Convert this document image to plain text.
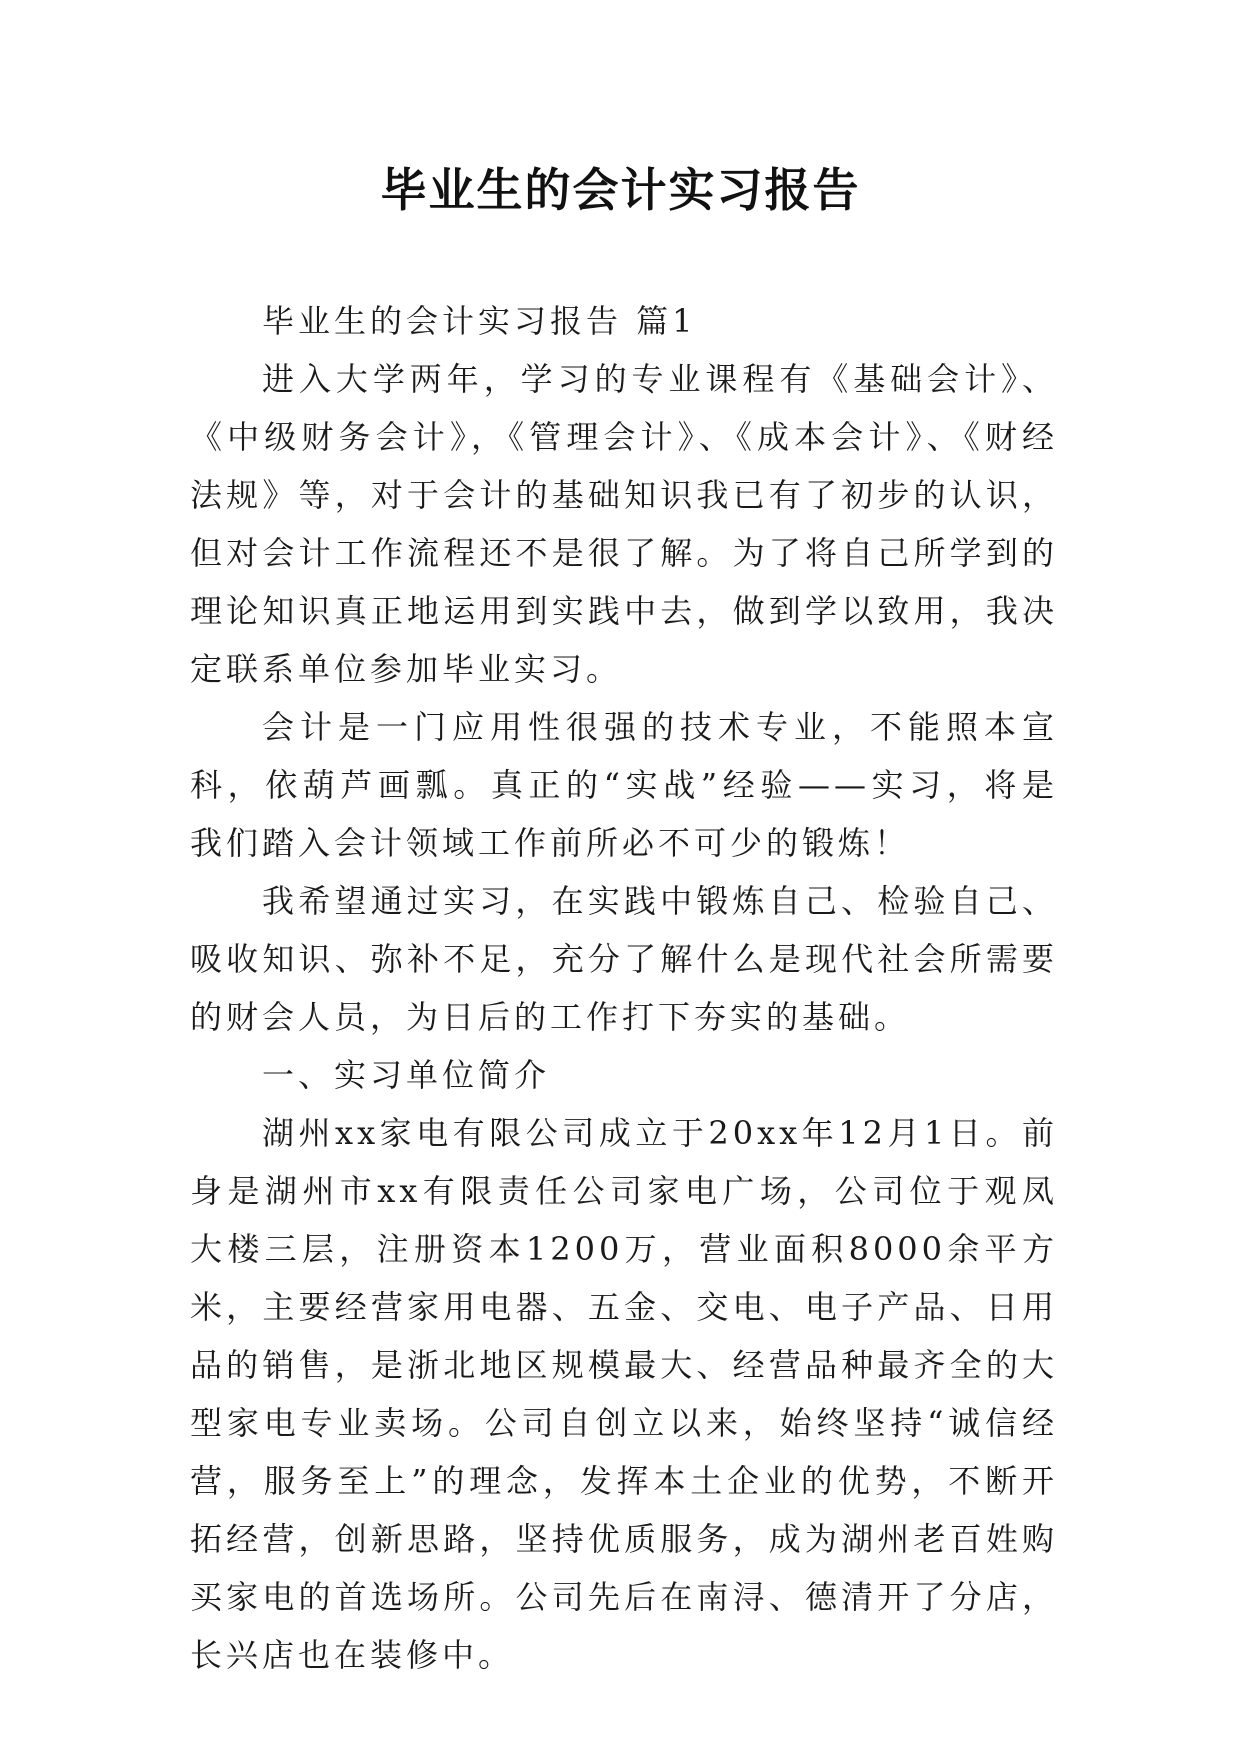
毕业生的会计实习报告

毕业生的会计实习报告 篇1

进入大学两年，学习的专业课程有《基础会计》、《中级财务会计》，《管理会计》、《成本会计》、《财经法规》等，对于会计的基础知识我已有了初步的认识，但对会计工作流程还不是很了解。为了将自己所学到的理论知识真正地运用到实践中去，做到学以致用，我决定联系单位参加毕业实习。

会计是一门应用性很强的技术专业，不能照本宣科，依葫芦画瓢。真正的“实战”经验——实习，将是我们踏入会计领域工作前所必不可少的锻炼！

我希望通过实习，在实践中锻炼自己、检验自己、吸收知识、弥补不足，充分了解什么是现代社会所需要的财会人员，为日后的工作打下夯实的基础。

一、实习单位简介

湖州xx家电有限公司成立于20xx年12月1日。前身是湖州市xx有限责任公司家电广场，公司位于观凤大楼三层，注册资本1200万，营业面积8000余平方米，主要经营家用电器、五金、交电、电子产品、日用品的销售，是浙北地区规模最大、经营品种最齐全的大型家电专业卖场。公司自创立以来，始终坚持“诚信经营，服务至上”的理念，发挥本土企业的优势，不断开拓经营，创新思路，坚持优质服务，成为湖州老百姓购买家电的首选场所。公司先后在南浔、德清开了分店，长兴店也在装修中。
